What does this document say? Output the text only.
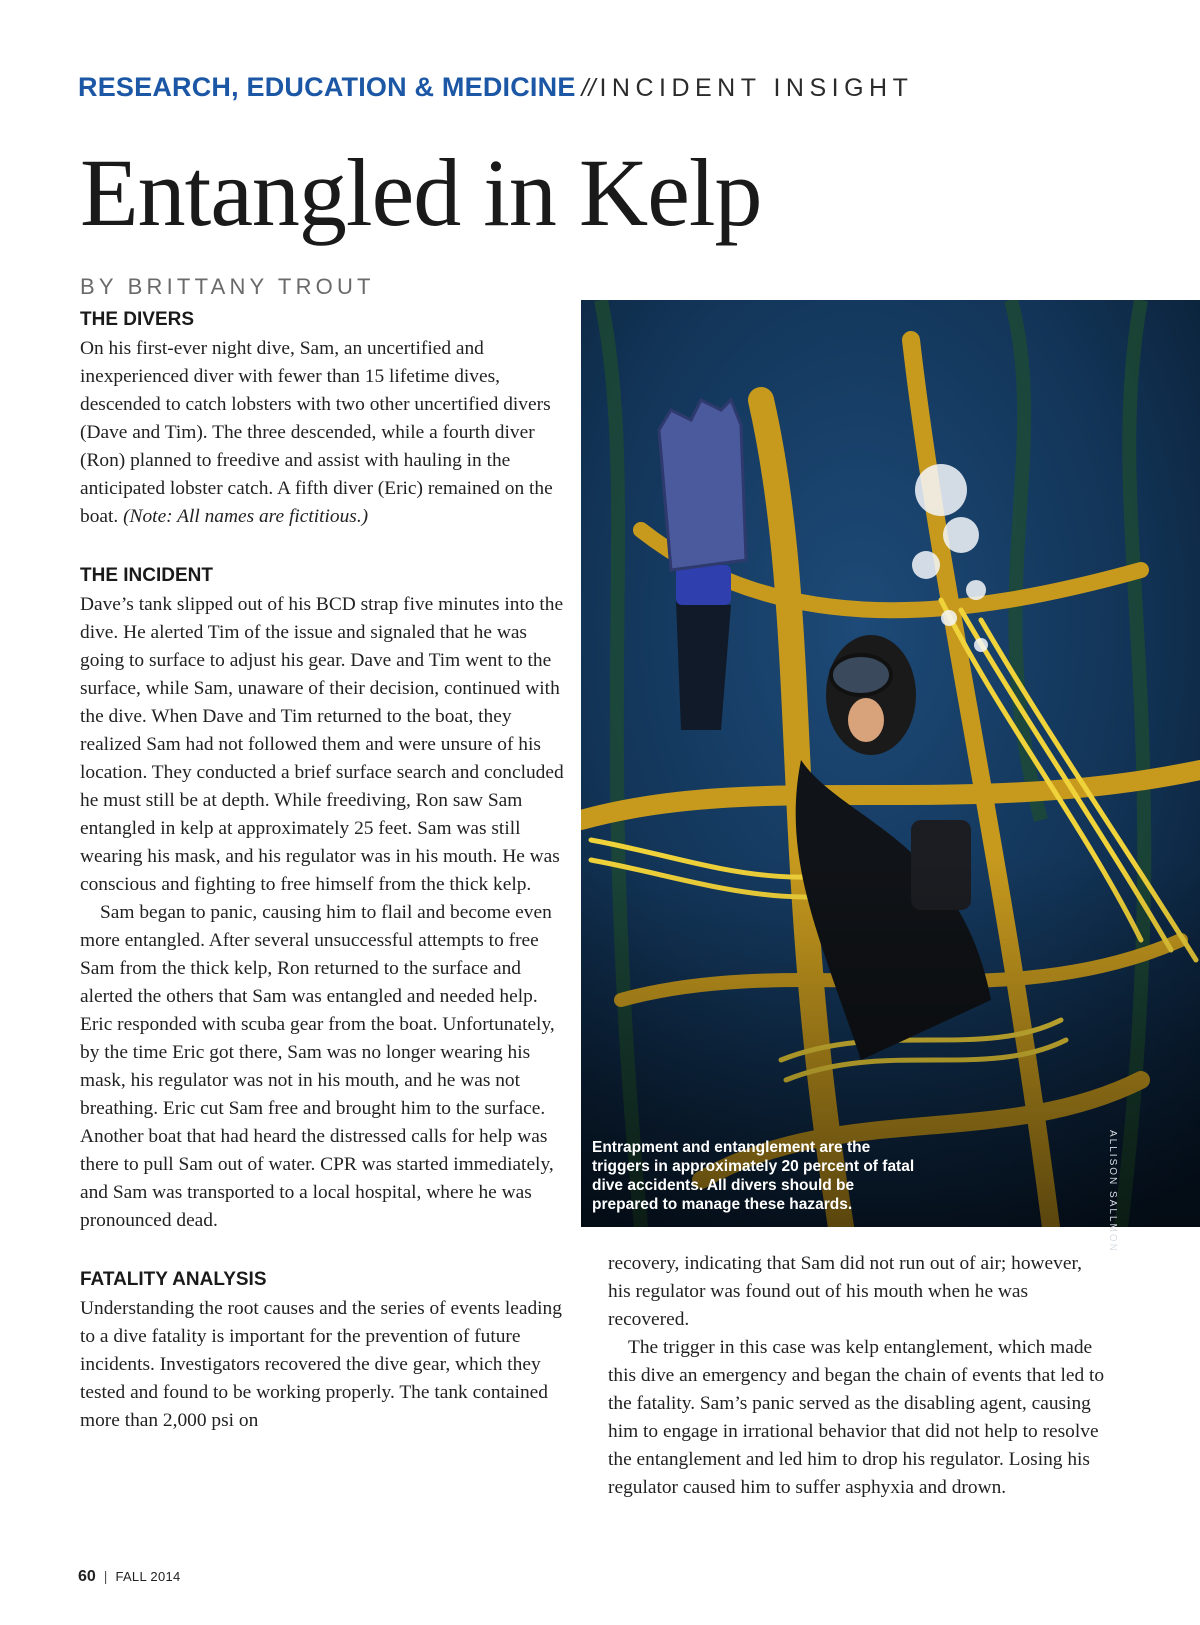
RESEARCH, EDUCATION & MEDICINE // INCIDENT INSIGHT
Entangled in Kelp
BY BRITTANY TROUT
THE DIVERS

On his first-ever night dive, Sam, an uncertified and inexperienced diver with fewer than 15 lifetime dives, descended to catch lobsters with two other uncertified divers (Dave and Tim). The three descended, while a fourth diver (Ron) planned to freedive and assist with hauling in the anticipated lobster catch. A fifth diver (Eric) remained on the boat. (Note: All names are fictitious.)

THE INCIDENT

Dave’s tank slipped out of his BCD strap five minutes into the dive. He alerted Tim of the issue and signaled that he was going to surface to adjust his gear. Dave and Tim went to the surface, while Sam, unaware of their decision, continued with the dive. When Dave and Tim returned to the boat, they realized Sam had not followed them and were unsure of his location. They conducted a brief surface search and concluded he must still be at depth. While freediving, Ron saw Sam entangled in kelp at approximately 25 feet. Sam was still wearing his mask, and his regulator was in his mouth. He was conscious and fighting to free himself from the thick kelp.

Sam began to panic, causing him to flail and become even more entangled. After several unsuccessful attempts to free Sam from the thick kelp, Ron returned to the surface and alerted the others that Sam was entangled and needed help. Eric responded with scuba gear from the boat. Unfortunately, by the time Eric got there, Sam was no longer wearing his mask, his regulator was not in his mouth, and he was not breathing. Eric cut Sam free and brought him to the surface. Another boat that had heard the distressed calls for help was there to pull Sam out of water. CPR was started immediately, and Sam was transported to a local hospital, where he was pronounced dead.

FATALITY ANALYSIS

Understanding the root causes and the series of events leading to a dive fatality is important for the prevention of future incidents. Investigators recovered the dive gear, which they tested and found to be working properly. The tank contained more than 2,000 psi on

Entrapment and entanglement are the triggers in approximately 20 percent of fatal dive accidents. All divers should be prepared to manage these hazards.	ALLISON SALLMON

recovery, indicating that Sam did not run out of air; however, his regulator was found out of his mouth when he was recovered.

The trigger in this case was kelp entanglement, which made this dive an emergency and began the chain of events that led to the fatality. Sam’s panic served as the disabling agent, causing him to engage in irrational behavior that did not help to resolve the entanglement and led him to drop his regulator. Losing his regulator caused him to suffer asphyxia and drown.

60 | FALL 2014
